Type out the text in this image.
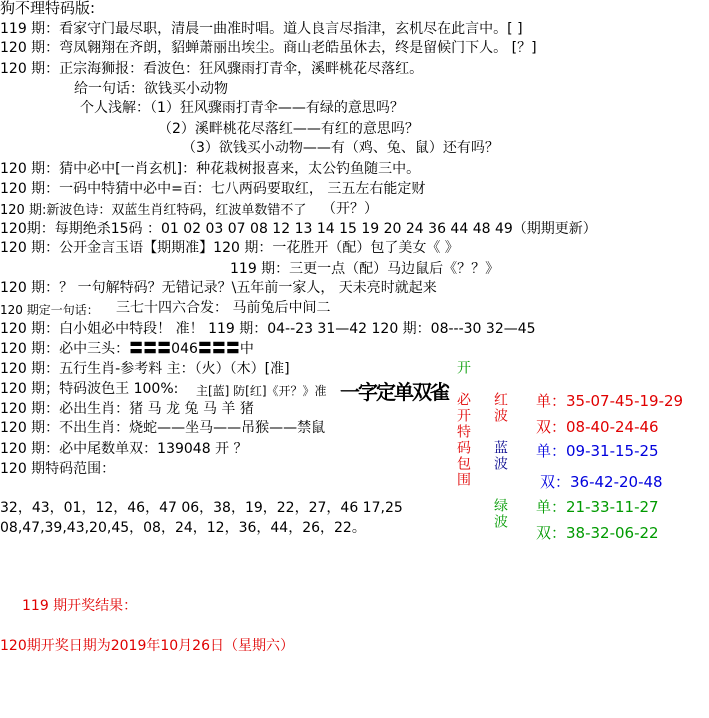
狗不理特码版:
119 期：看家守门最尽职，清晨一曲准时唱。道人良言尽指津，玄机尽在此言中。[ ]
120 期：弯凤翱翔在齐朗，貂蝉萧丽出埃尘。商山老皓虽休去，终是留候门下人。 [？]
120 期：正宗海狮报：看波色：狂风骤雨打青伞，溪畔桃花尽落红。
给一句话：欲钱买小动物
个人浅解：（1）狂风骤雨打青伞——有绿的意思吗？
（2）溪畔桃花尽落红——有红的意思吗？
（3）欲钱买小动物——有（鸡、兔、鼠）还有吗？
120 期：猜中必中[一肖玄机]：种花栽树报喜来，太公钓鱼随三中。
120 期：一码中特猜中必中=百：七八两码要取红， 三五左右能定财
120 期:新波色诗：双蓝生肖红特码，红波单数错不了 （开？）
120期：每期绝杀15码 ：01 02 03 07 08 12 13 14 15 19 20 24 36 44 48 49（期期更新）
120 期：公开金言玉语【期期准】120 期：一花胜开（配）包了美女《 》
119 期：三更一点（配）马边鼠后《？？》
120 期：？ 一句解特码？无错记录？\五年前一家人， 天未亮时就起来
120 期定一句话： 三七十四六合发： 马前兔后中间二
120 期：白小姐必中特段！ 准！ 119 期：04--23 31—42 120 期：08---30 32—45
120 期：必中三头：〓〓〓046〓〓〓中
120 期：五行生肖-参考料 主：（火）（木）[准]
120 期；特码波色王 100%: 主[蓝] 防[红]《开？》准
120 期：必出生肖：猪 马 龙 兔 马 羊 猪
120 期：不出生肖：烧蛇——坐马——吊猴——禁鼠
120 期：必中尾数单双：139048 开 ？
120 期特码范围：
32，43，01，12，46，47 06，38，19，22，27，46 17,25
08,47,39,43,20,45，08，24，12，36，44，26，22。
一字定单双雀
开
必开特码包围 红波
蓝波
绿波
单：35-07-45-19-29
双：08-40-24-46
单：09-31-15-25
双：36-42-20-48
单：21-33-11-27
双：38-32-06-22
119 期开奖结果：
120期开奖日期为2019年10月26日（星期六）
